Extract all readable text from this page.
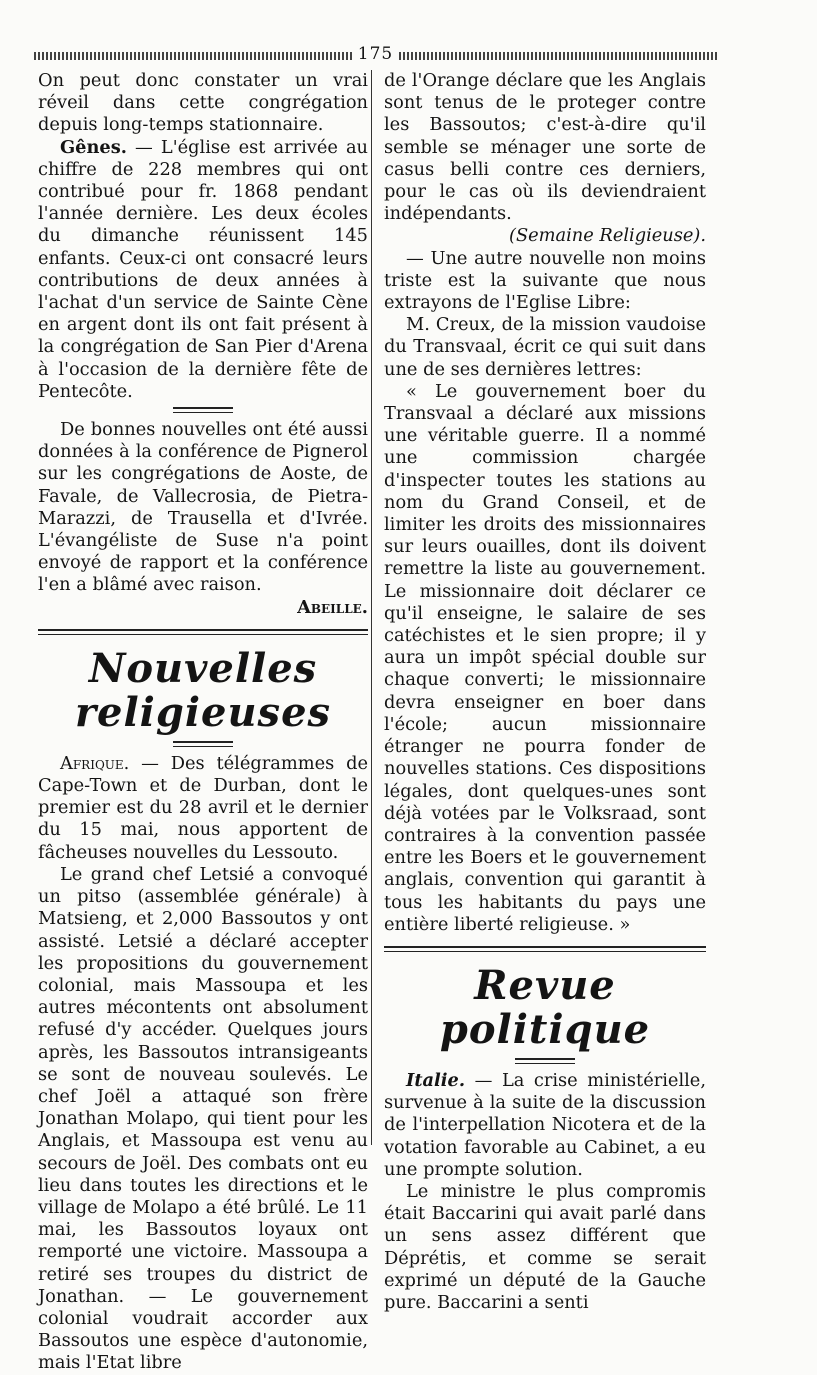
175

On peut donc constater un vrai réveil dans cette congrégation depuis long-temps stationnaire.

Gênes. — L'église est arrivée au chiffre de 228 membres qui ont contribué pour fr. 1868 pendant l'année dernière. Les deux écoles du dimanche réunissent 145 enfants. Ceux-ci ont consacré leurs contributions de deux années à l'achat d'un service de Sainte Cène en argent dont ils ont fait présent à la congrégation de San Pier d'Arena à l'occasion de la dernière fête de Pentecôte.

De bonnes nouvelles ont été aussi données à la conférence de Pignerol sur les congrégations de Aoste, de Favale, de Vallecrosia, de Pietra-Marazzi, de Trausella et d'Ivrée. L'évangéliste de Suse n'a point envoyé de rapport et la conférence l'en a blâmé avec raison.

Abeille.

Nouvelles religieuses

Afrique. — Des télégrammes de Cape-Town et de Durban, dont le premier est du 28 avril et le dernier du 15 mai, nous apportent de fâcheuses nouvelles du Lessouto.

Le grand chef Letsié a convoqué un pitso (assemblée générale) à Matsieng, et 2,000 Bassoutos y ont assisté. Letsié a déclaré accepter les propositions du gouvernement colonial, mais Massoupa et les autres mécontents ont absolument refusé d'y accéder. Quelques jours après, les Bassoutos intransigeants se sont de nouveau soulevés. Le chef Joël a attaqué son frère Jonathan Molapo, qui tient pour les Anglais, et Massoupa est venu au secours de Joël. Des combats ont eu lieu dans toutes les directions et le village de Molapo a été brûlé. Le 11 mai, les Bassoutos loyaux ont remporté une victoire. Massoupa a retiré ses troupes du district de Jonathan. — Le gouvernement colonial voudrait accorder aux Bassoutos une espèce d'autonomie, mais l'Etat libre

de l'Orange déclare que les Anglais sont tenus de le proteger contre les Bassoutos; c'est-à-dire qu'il semble se ménager une sorte de casus belli contre ces derniers, pour le cas où ils deviendraient indépendants.

(Semaine Religieuse).

— Une autre nouvelle non moins triste est la suivante que nous extrayons de l'Eglise Libre:

M. Creux, de la mission vaudoise du Transvaal, écrit ce qui suit dans une de ses dernières lettres:

« Le gouvernement boer du Transvaal a déclaré aux missions une véritable guerre. Il a nommé une commission chargée d'inspecter toutes les stations au nom du Grand Conseil, et de limiter les droits des missionnaires sur leurs ouailles, dont ils doivent remettre la liste au gouvernement. Le missionnaire doit déclarer ce qu'il enseigne, le salaire de ses catéchistes et le sien propre; il y aura un impôt spécial double sur chaque converti; le missionnaire devra enseigner en boer dans l'école; aucun missionnaire étranger ne pourra fonder de nouvelles stations. Ces dispositions légales, dont quelques-unes sont déjà votées par le Volksraad, sont contraires à la convention passée entre les Boers et le gouvernement anglais, convention qui garantit à tous les habitants du pays une entière liberté religieuse. »

Revue politique

Italie. — La crise ministérielle, survenue à la suite de la discussion de l'interpellation Nicotera et de la votation favorable au Cabinet, a eu une prompte solution.

Le ministre le plus compromis était Baccarini qui avait parlé dans un sens assez différent que Déprétis, et comme se serait exprimé un député de la Gauche pure. Baccarini a senti
